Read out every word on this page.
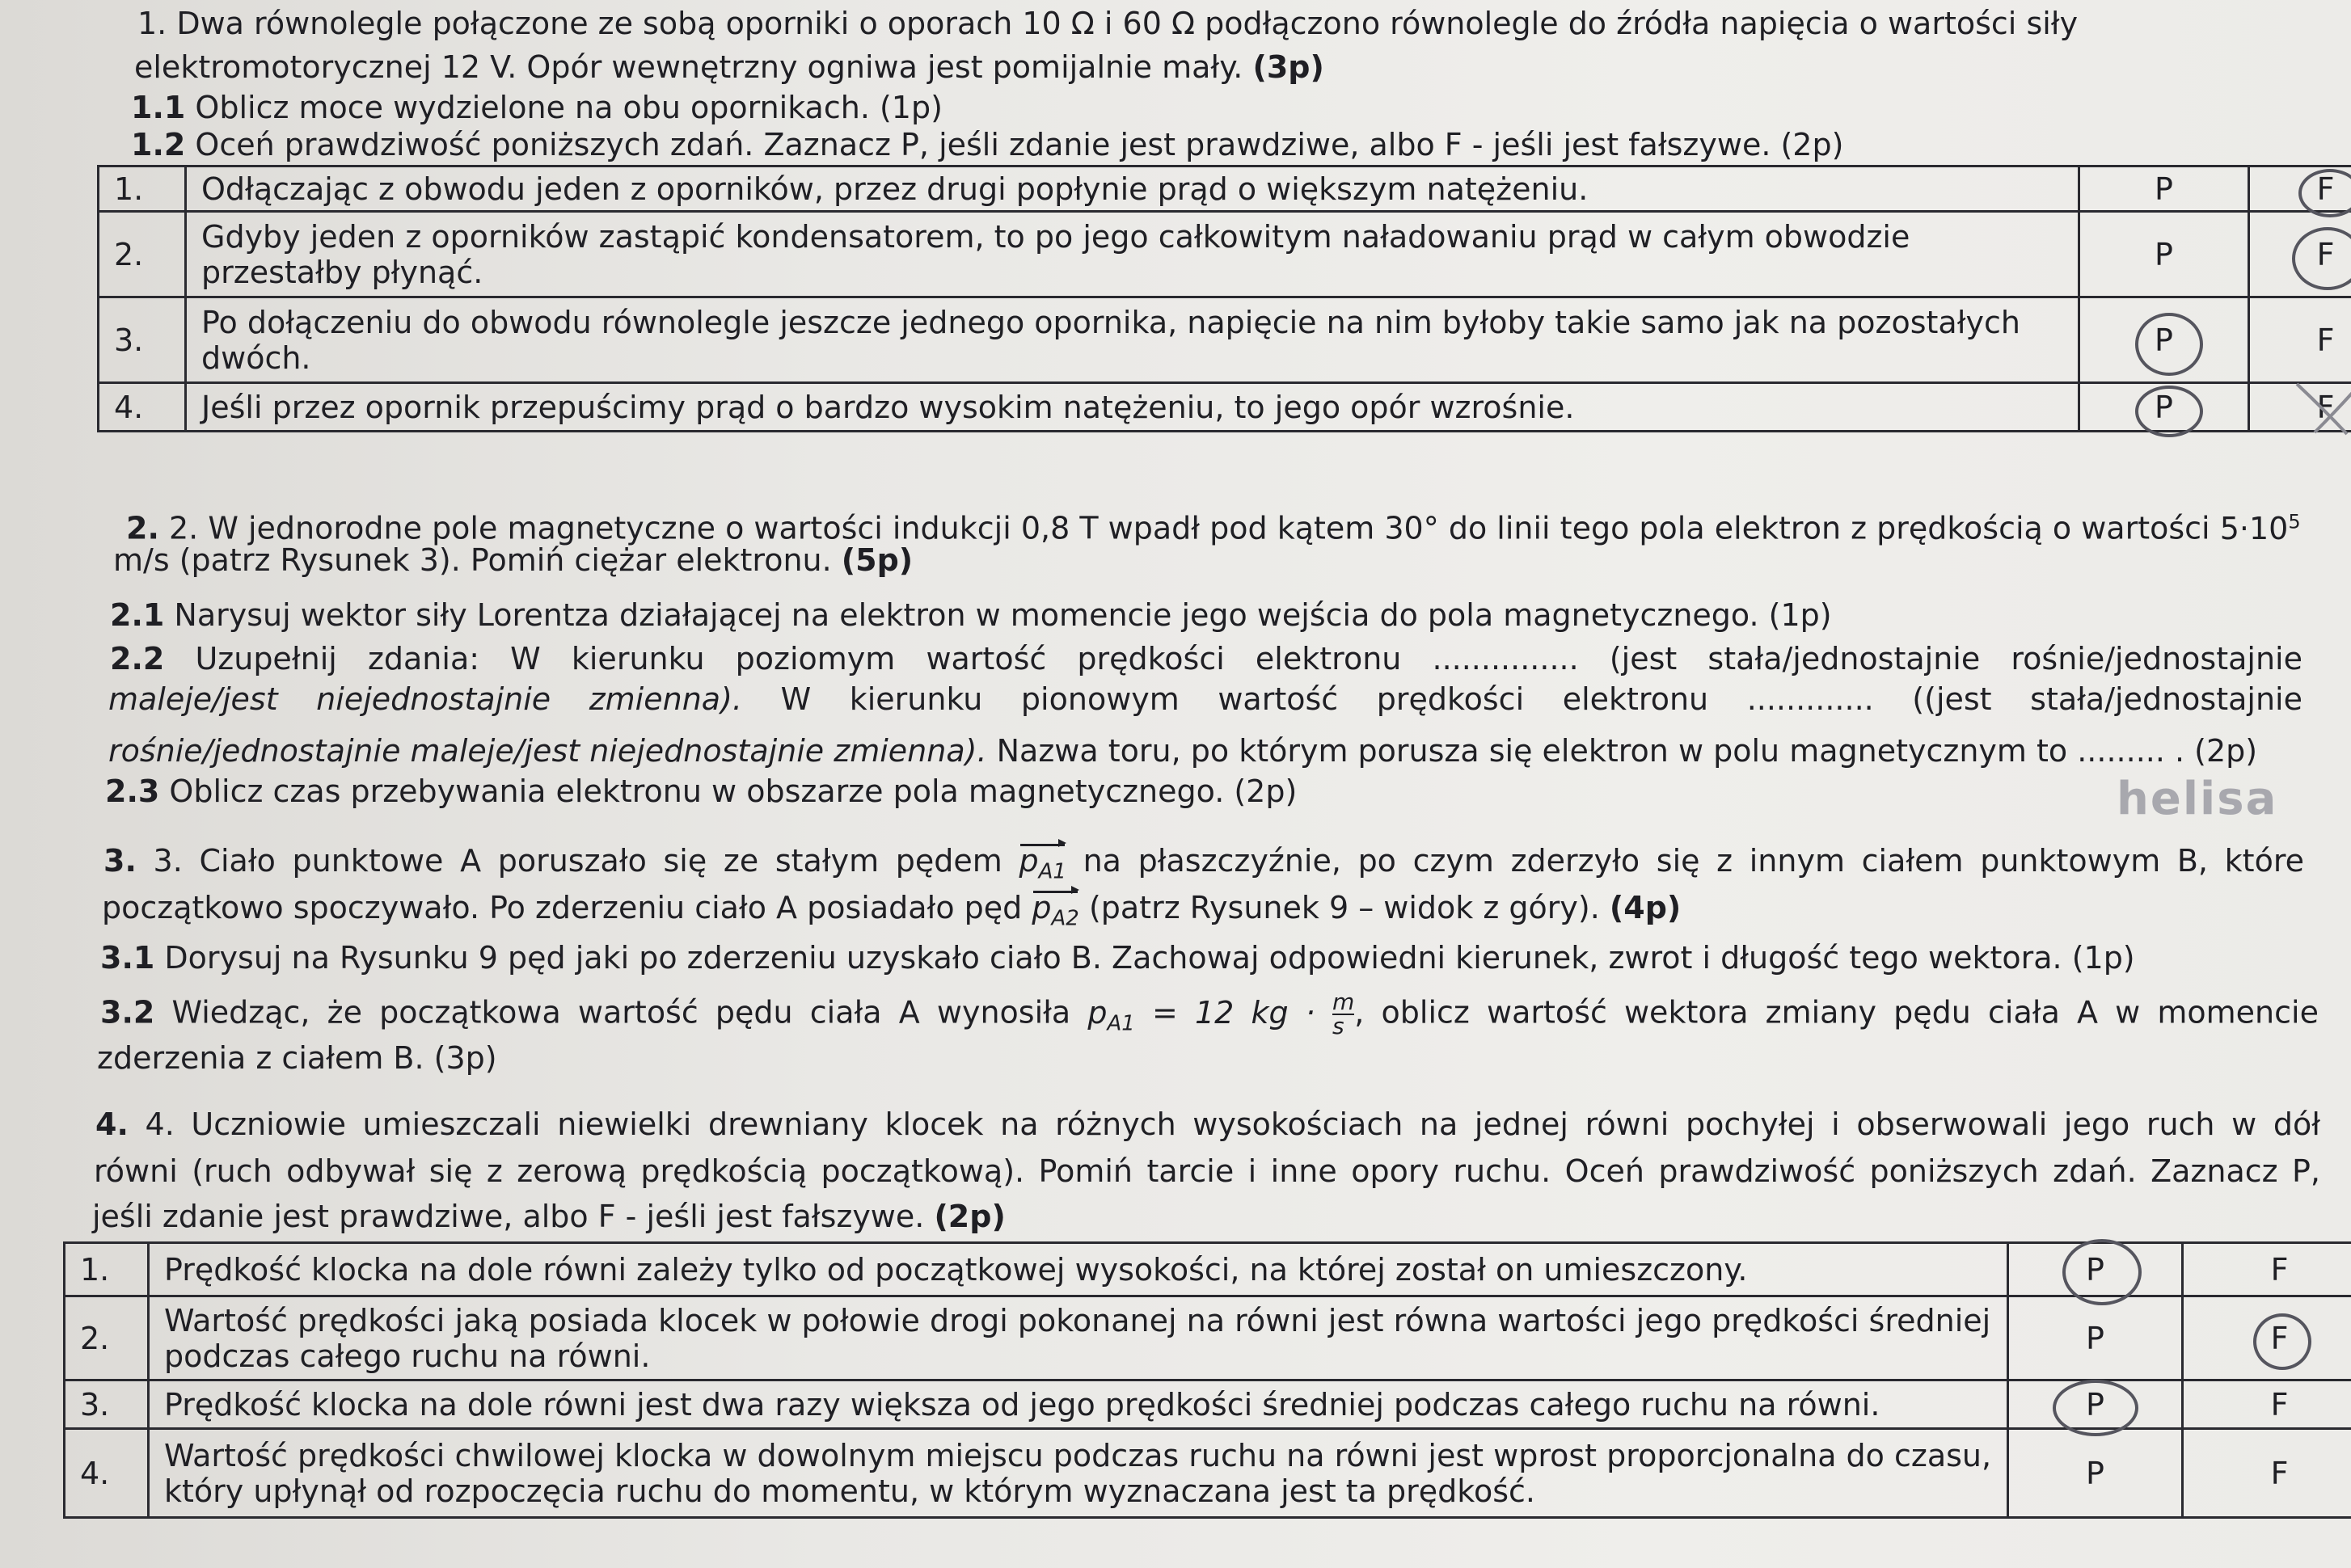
1. Dwa równolegle połączone ze sobą oporniki o oporach 10 Ω i 60 Ω podłączono równolegle do źródła napięcia o wartości siły
elektromotorycznej 12 V. Opór wewnętrzny ogniwa jest pomijalnie mały. (3p)
1.1 Oblicz moce wydzielone na obu opornikach. (1p)
1.2 Oceń prawdziwość poniższych zdań. Zaznacz P, jeśli zdanie jest prawdziwe, albo F - jeśli jest fałszywe. (2p)
1.	Odłączając z obwodu jeden z oporników, przez drugi popłynie prąd o większym natężeniu.	P	F

2.	Gdyby jeden z oporników zastąpić kondensatorem, to po jego całkowitym naładowaniu prąd w całym obwodzie przestałby płynąć.	P	F

3.	Po dołączeniu do obwodu równolegle jeszcze jednego opornika, napięcie na nim byłoby takie samo jak na pozostałych dwóch.	P	F
4.	Jeśli przez opornik przepuścimy prąd o bardzo wysokim natężeniu, to jego opór wzrośnie.	P	F
2. 2. W jednorodne pole magnetyczne o wartości indukcji 0,8 T wpadł pod kątem 30° do linii tego pola elektron z prędkością o wartości $5\cdot 10^5$
m/s (patrz Rysunek 3). Pomiń ciężar elektronu. (5p)
2.1 Narysuj wektor siły Lorentza działającej na elektron w momencie jego wejścia do pola magnetycznego. (1p)
2.2 Uzupełnij zdania: W kierunku poziomym wartość prędkości elektronu ............... (jest stała/jednostajnie rośnie/jednostajnie
maleje/jest niejednostajnie zmienna). W kierunku pionowym wartość prędkości elektronu ............. ((jest stała/jednostajnie
rośnie/jednostajnie maleje/jest niejednostajnie zmienna). Nazwa toru, po którym porusza się elektron w polu magnetycznym to ......... . (2p)
2.3 Oblicz czas przebywania elektronu w obszarze pola magnetycznego. (2p)	helisa
3. 3. Ciało punktowe A poruszało się ze stałym pędem $p_{A1}$ na płaszczyźnie, po czym zderzyło się z innym ciałem punktowym B, które
początkowo spoczywało. Po zderzeniu ciało A posiadało pęd $p_{A2}$ (patrz Rysunek 9 – widok z góry). (4p)
3.1 Dorysuj na Rysunku 9 pęd jaki po zderzeniu uzyskało ciało B. Zachowaj odpowiedni kierunek, zwrot i długość tego wektora. (1p)
3.2 Wiedząc, że początkowa wartość pędu ciała A wynosiła $p_{A1} = 12$ kg · $\frac{m}{s}$ , oblicz wartość wektora zmiany pędu ciała A w momencie
zderzenia z ciałem B. (3p)
4. 4. Uczniowie umieszczali niewielki drewniany klocek na różnych wysokościach na jednej równi pochyłej i obserwowali jego ruch w dół
równi (ruch odbywał się z zerową prędkością początkową). Pomiń tarcie i inne opory ruchu. Oceń prawdziwość poniższych zdań. Zaznacz P,
jeśli zdanie jest prawdziwe, albo F - jeśli jest fałszywe. (2p)
1.	Prędkość klocka na dole równi zależy tylko od początkowej wysokości, na której został on umieszczony.	P	F
2.	Wartość prędkości jaką posiada klocek w połowie drogi pokonanej na równi jest równa wartości jego prędkości średniej podczas całego ruchu na równi.	P	F

3.	Prędkość klocka na dole równi jest dwa razy większa od jego prędkości średniej podczas całego ruchu na równi.	P	F
4.	Wartość prędkości chwilowej klocka w dowolnym miejscu podczas ruchu na równi jest wprost proporcjonalna do czasu, który upłynął od rozpoczęcia ruchu do momentu, w którym wyznaczana jest ta prędkość.	P	F
